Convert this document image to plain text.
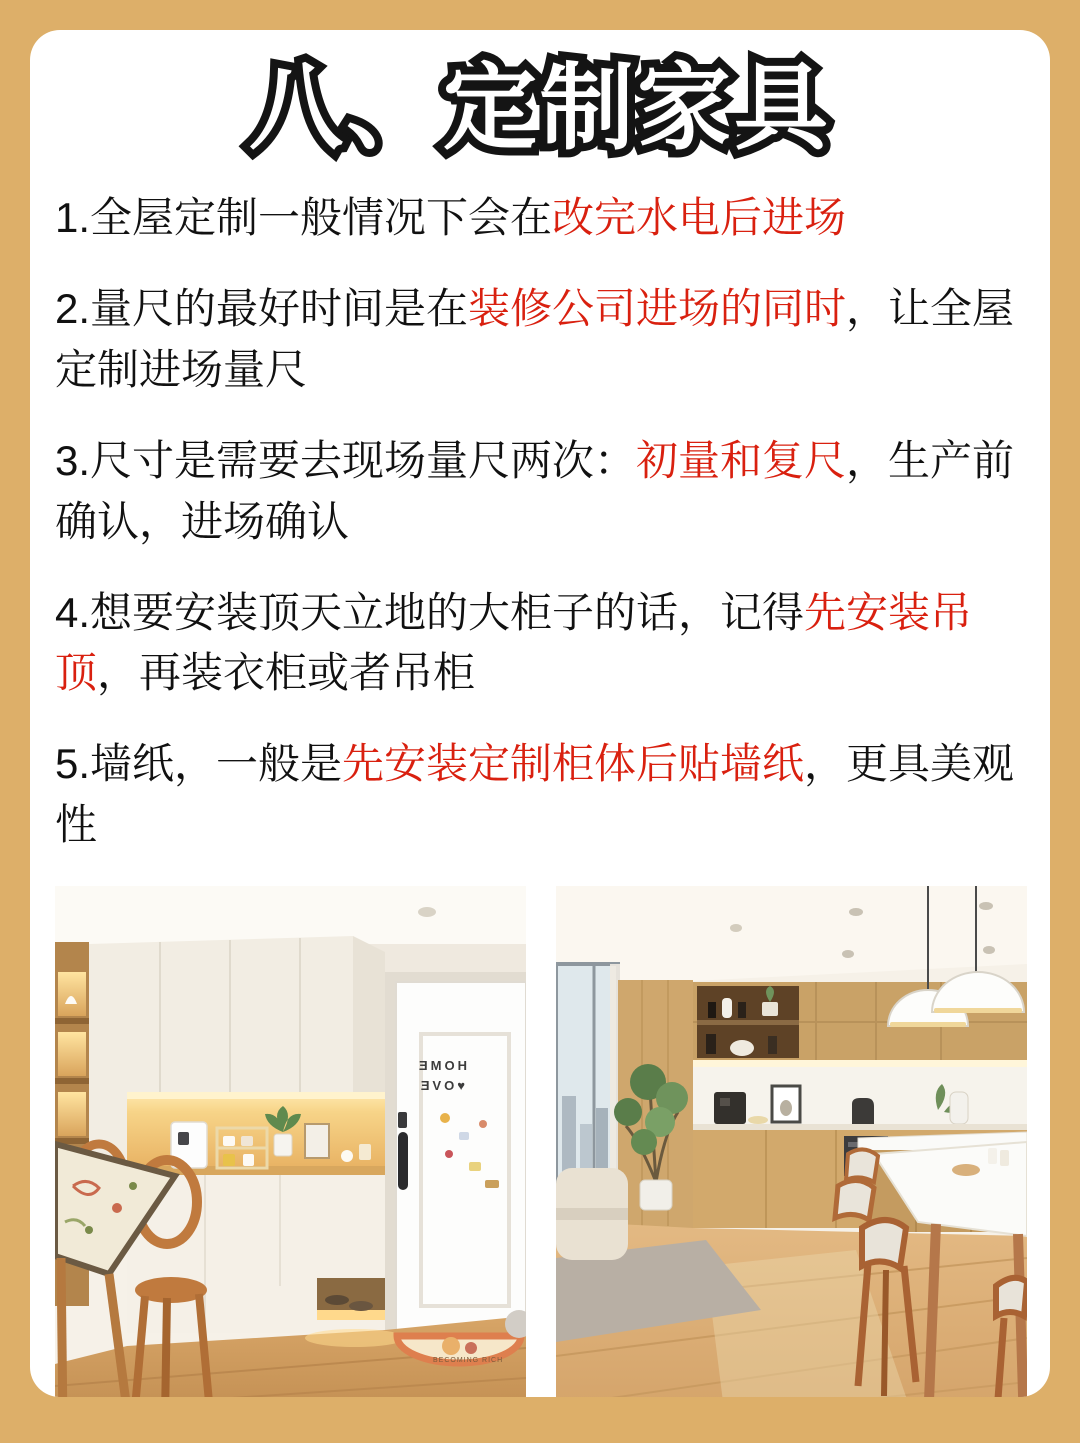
八、定制家具 八、定制家具

1.全屋定制一般情况下会在改完水电后进场

2.量尺的最好时间是在装修公司进场的同时，让全屋定制进场量尺

3.尺寸是需要去现场量尺两次：初量和复尺，生产前确认，进场确认

4.想要安装顶天立地的大柜子的话，记得先安装吊顶，再装衣柜或者吊柜

5.墙纸，一般是先安装定制柜体后贴墙纸，更具美观性

HOME
♥OVE
BECOMING RICH
